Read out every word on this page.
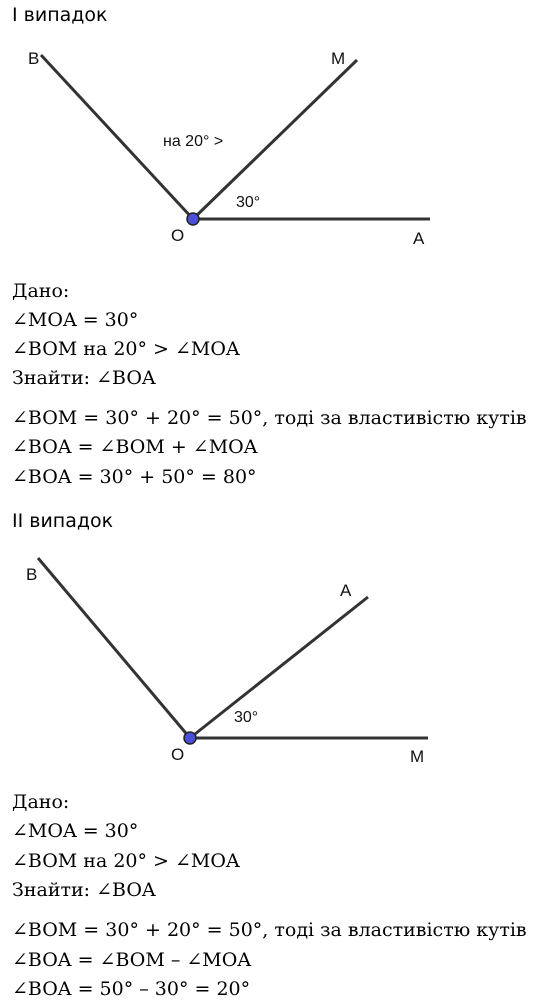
I випадок
B	M
O	A
на 20° >
30°
Дано:
∠MOA = 30°
∠BOM на 20° > ∠MOA
Знайти: ∠BOA
∠BOM = 30° + 20° = 50°, тоді за властивістю кутів
∠BOA = ∠BOM + ∠MOA
∠BOA = 30° + 50° = 80°
II випадок
B
A
O	M
30°
Дано:
∠MOA = 30°
∠BOM на 20° > ∠MOA
Знайти: ∠BOA
∠BOM = 30° + 20° = 50°, тоді за властивістю кутів
∠BOA = ∠BOM – ∠MOA
∠BOA = 50° – 30° = 20°
